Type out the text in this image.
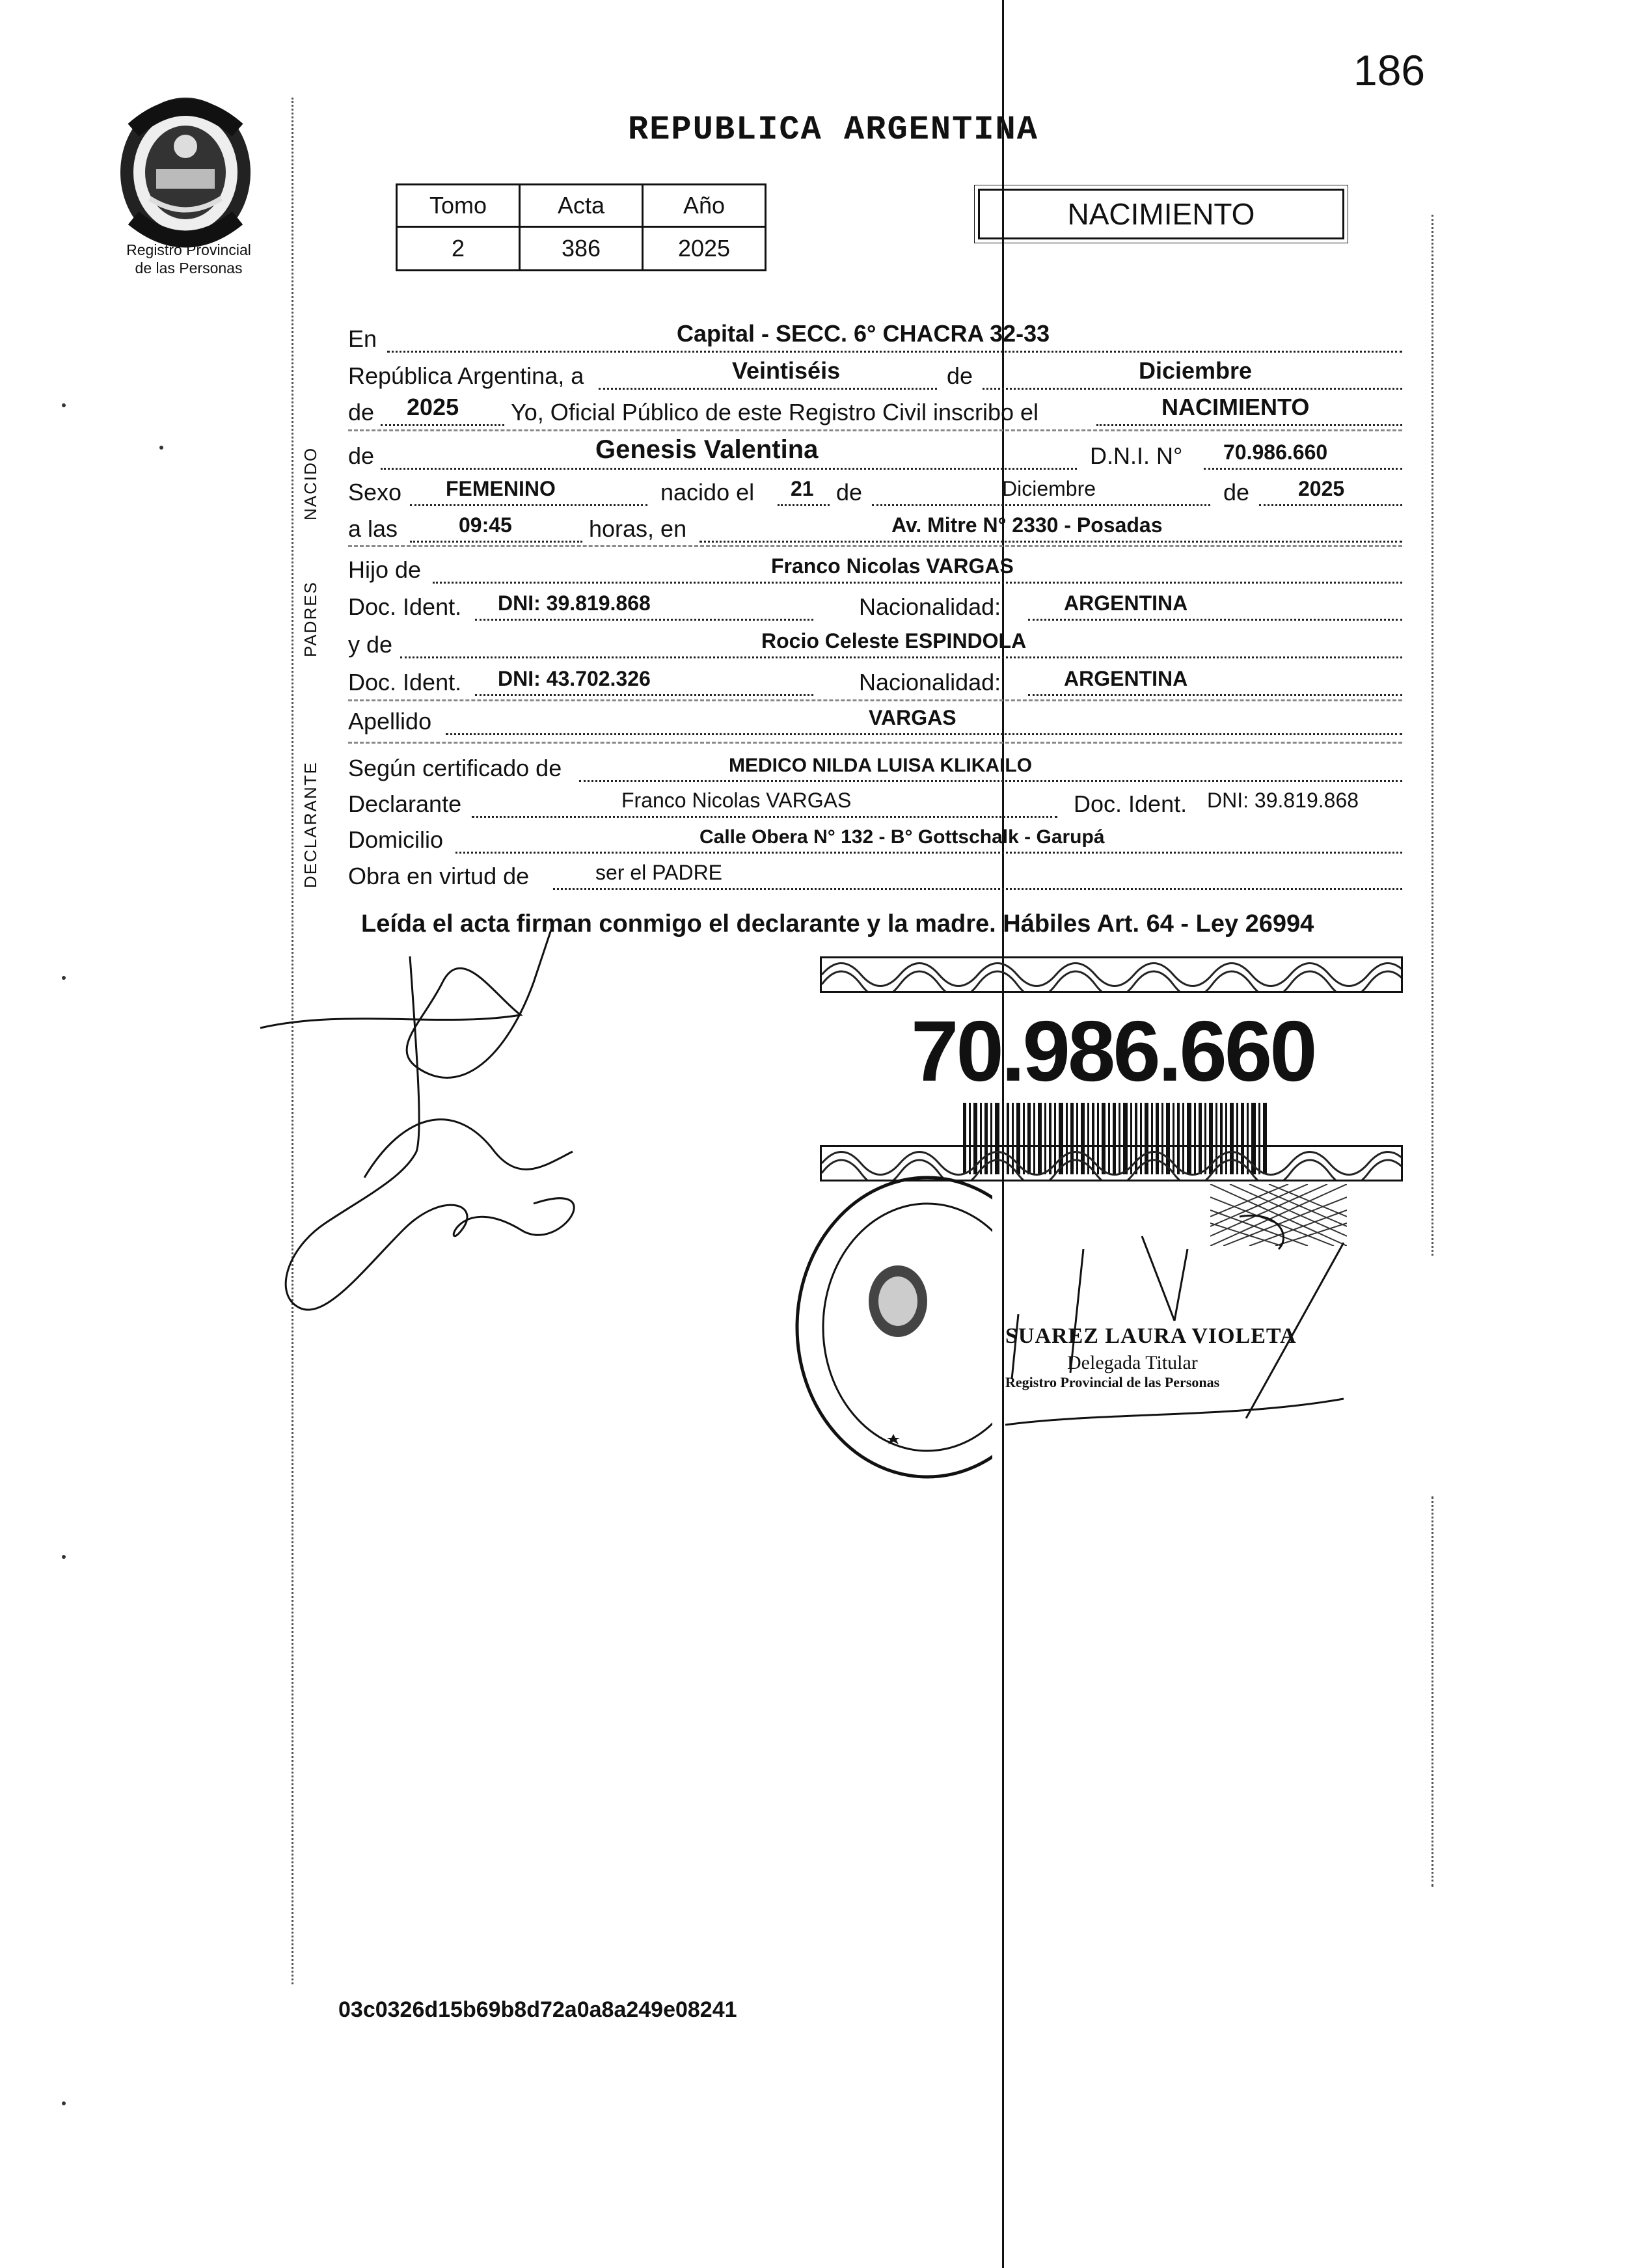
186
REPUBLICA ARGENTINA
Registro Provincial
de las Personas
Tomo	Acta	Año
2	386	2025
NACIMIENTO
En	Capital - SECC. 6° CHACRA 32-33
República Argentina, a	Veintiséis	de	Diciembre
de 2025 Yo, Oficial Público de este Registro Civil inscribo el	NACIMIENTO
NACIDO de	Genesis Valentina	D.N.I. N° 70.986.660
Sexo FEMENINO	nacido el 21 de	Diciembre	de 2025
a las	09:45	horas, en	Av. Mitre N° 2330 - Posadas
PADRES
Hijo de	Franco Nicolas VARGAS
Doc. Ident. DNI: 39.819.868	Nacionalidad:	ARGENTINA
y de	Rocio Celeste ESPINDOLA
Doc. Ident. DNI: 43.702.326	Nacionalidad:	ARGENTINA
Apellido	VARGAS
DECLARANTE Según certificado de	MEDICO NILDA LUISA KLIKAILO
Declarante	Franco Nicolas VARGAS	Doc. Ident. DNI: 39.819.868
Domicilio	Calle Obera N° 132 - B° Gottschalk - Garupá
Obra en virtud de	ser el PADRE
Leída el acta firman conmigo el declarante y la madre. Hábiles Art. 64 - Ley 26994
70.986.660
SUAREZ LAURA VIOLETA
Delegada Titular
Registro Provincial de las Personas
03c0326d15b69b8d72a0a8a249e08241
